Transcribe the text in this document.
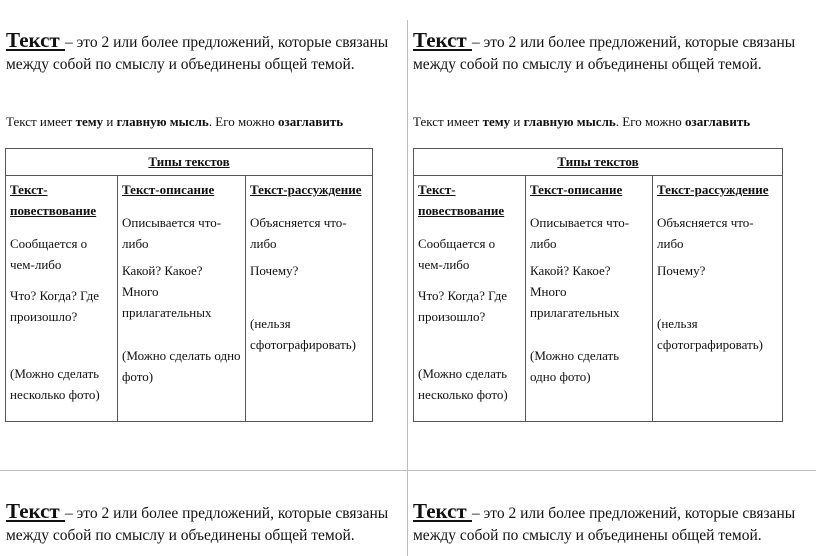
Текст – это 2 или более предложений, которые связаны

между собой по смыслу и объединены общей темой.

Текст имеет тему и главную мысль. Его можно озаглавить

Типы текстов

Текст-повествование
Сообщается о чем-либо
Что? Когда? Где произошло?
(Можно сделать несколько фото)

Текст-описание
Описывается что-либо
Какой? Какое? Много прилагательных
(Можно сделать одно фото)

Текст-рассуждение
Объясняется что-либо
Почему?
(нельзя сфотографировать)

Текст – это 2 или более предложений, которые связаны

между собой по смыслу и объединены общей темой.

Текст имеет тему и главную мысль. Его можно озаглавить

Типы текстов

Текст-повествование
Сообщается о чем-либо
Что? Когда? Где произошло?
(Можно сделать несколько фото)

Текст-описание
Описывается что-либо
Какой? Какое? Много прилагательных
(Можно сделать одно фото)

Текст-рассуждение
Объясняется что-либо
Почему?
(нельзя сфотографировать)

Текст – это 2 или более предложений, которые связаны

между собой по смыслу и объединены общей темой.

Текст – это 2 или более предложений, которые связаны

между собой по смыслу и объединены общей темой.
